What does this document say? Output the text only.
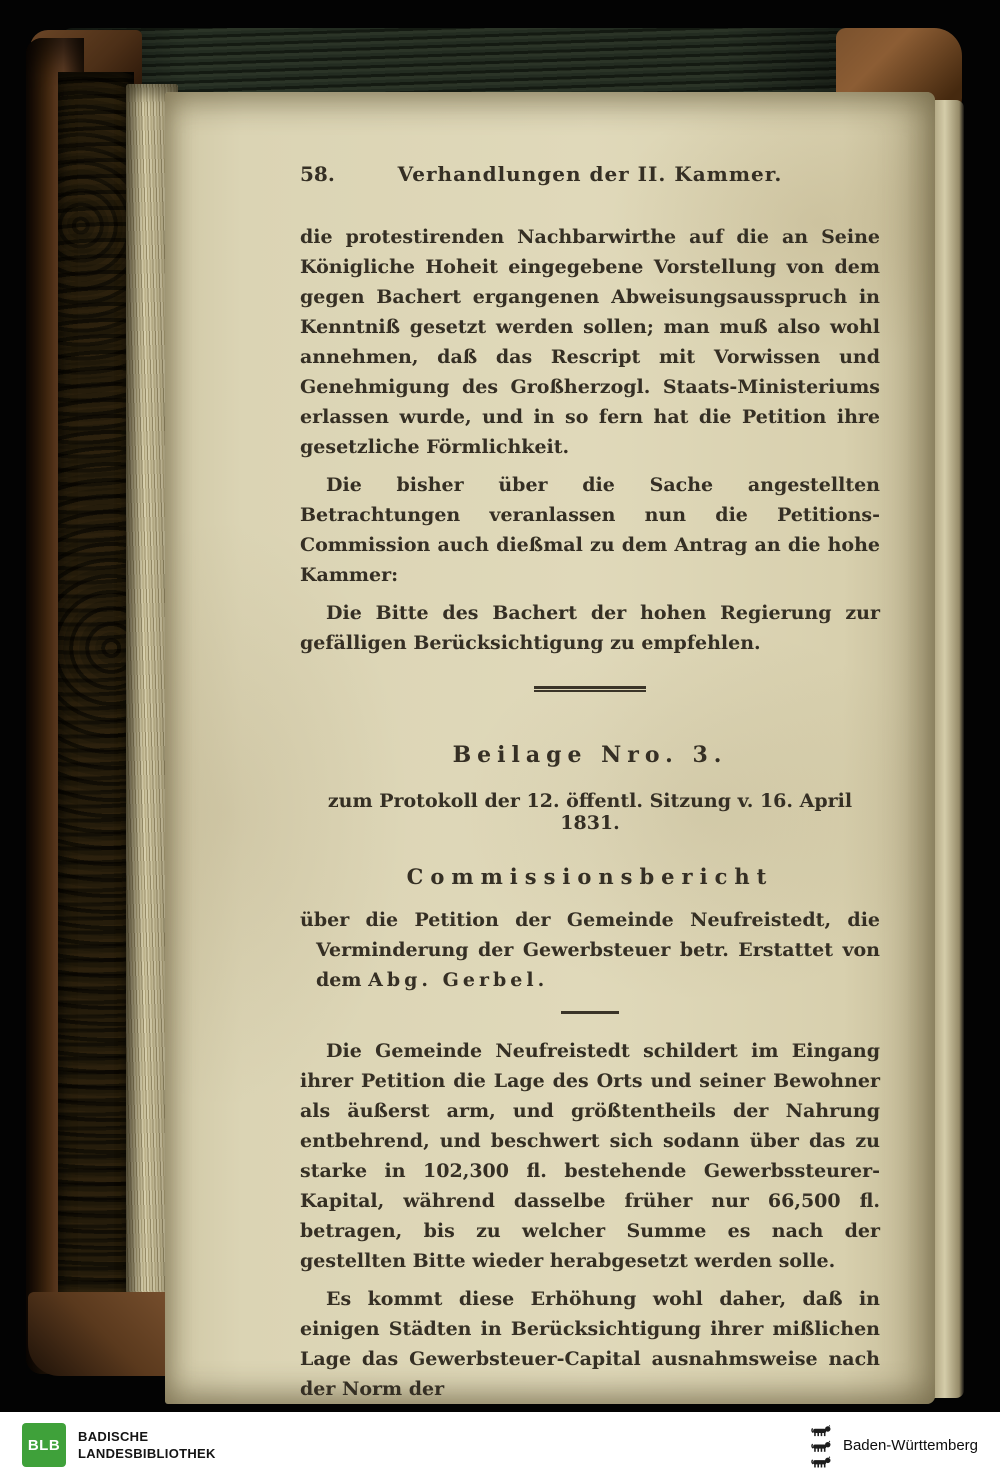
58.	Verhandlungen der II. Kammer.

die protestirenden Nachbarwirthe auf die an Seine Königliche Hoheit eingegebene Vorstellung von dem gegen Bachert ergangenen Abweisungsausspruch in Kenntniß gesetzt werden sollen; man muß also wohl annehmen, daß das Rescript mit Vorwissen und Genehmigung des Großherzogl. Staats-Ministeriums erlassen wurde, und in so fern hat die Petition ihre gesetzliche Förmlichkeit.

Die bisher über die Sache angestellten Betrachtungen veranlassen nun die Petitions-Commission auch dießmal zu dem Antrag an die hohe Kammer:

Die Bitte des Bachert der hohen Regierung zur gefälligen Berücksichtigung zu empfehlen.

Beilage Nro. 3.

zum Protokoll der 12. öffentl. Sitzung v. 16. April 1831.

Commissionsbericht

über die Petition der Gemeinde Neufreistedt, die Verminderung der Gewerbsteuer betr. Erstattet von dem Abg. Gerbel.

Die Gemeinde Neufreistedt schildert im Eingang ihrer Petition die Lage des Orts und seiner Bewohner als äußerst arm, und größtentheils der Nahrung entbehrend, und beschwert sich sodann über das zu starke in 102,300 fl. bestehende Gewerbssteurer-Kapital, während dasselbe früher nur 66,500 fl. betragen, bis zu welcher Summe es nach der gestellten Bitte wieder herabgesetzt werden solle.

Es kommt diese Erhöhung wohl daher, daß in einigen Städten in Berücksichtigung ihrer mißlichen Lage das Gewerbsteuer-Capital ausnahmsweise nach der Norm der

BLB BADISCHE
LANDESBIBLIOTHEK	Baden-Württemberg
